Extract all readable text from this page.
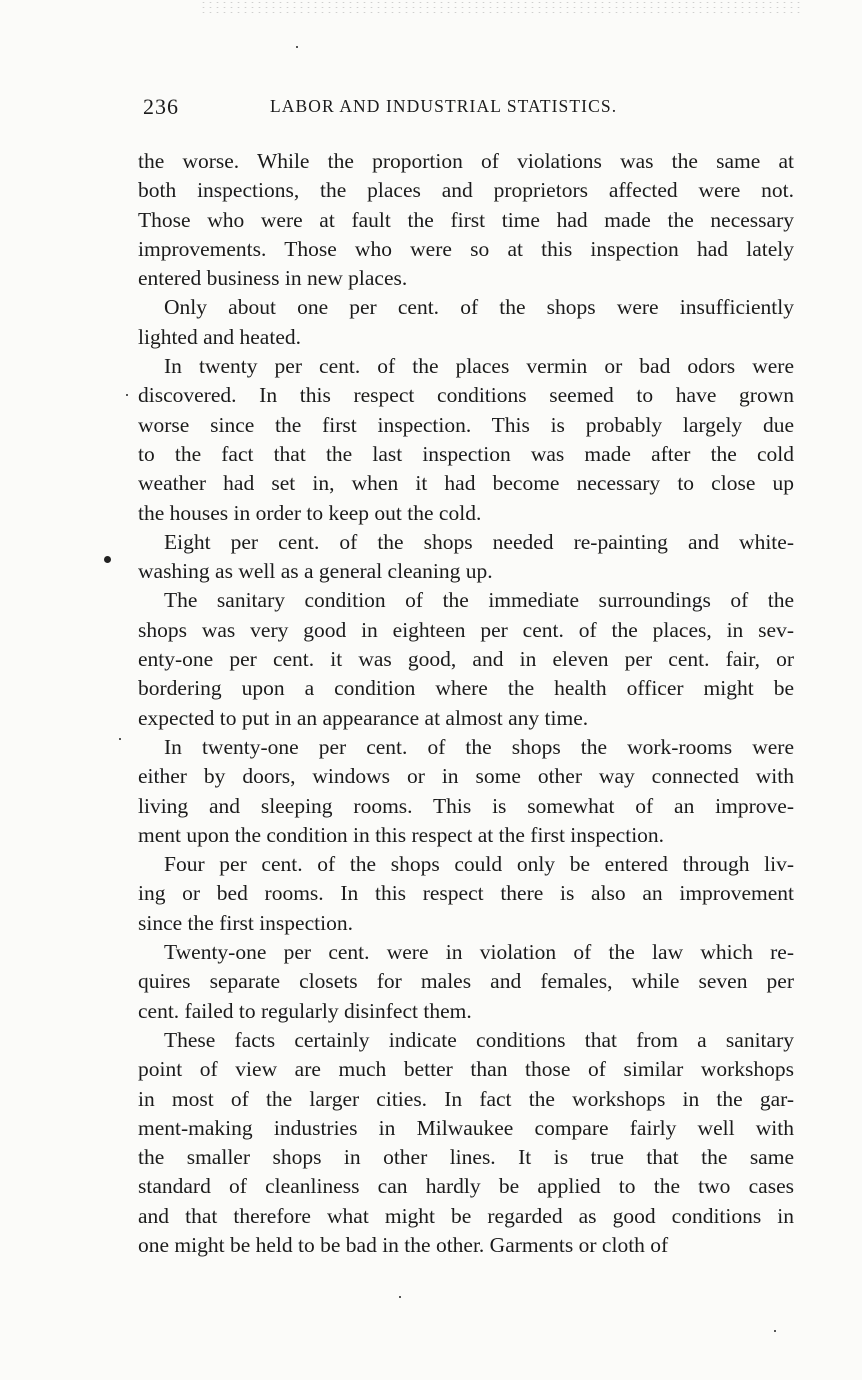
236	LABOR AND INDUSTRIAL STATISTICS.
the worse. While the proportion of violations was the same at
both inspections, the places and proprietors affected were not.
Those who were at fault the first time had made the necessary
improvements. Those who were so at this inspection had lately
entered business in new places.
Only about one per cent. of the shops were insufficiently
lighted and heated.
In twenty per cent. of the places vermin or bad odors were
discovered. In this respect conditions seemed to have grown
worse since the first inspection. This is probably largely due
to the fact that the last inspection was made after the cold
weather had set in, when it had become necessary to close up
the houses in order to keep out the cold.
Eight per cent. of the shops needed re-painting and white-
washing as well as a general cleaning up.
The sanitary condition of the immediate surroundings of the
shops was very good in eighteen per cent. of the places, in sev-
enty-one per cent. it was good, and in eleven per cent. fair, or
bordering upon a condition where the health officer might be
expected to put in an appearance at almost any time.
In twenty-one per cent. of the shops the work-rooms were
either by doors, windows or in some other way connected with
living and sleeping rooms. This is somewhat of an improve-
ment upon the condition in this respect at the first inspection.
Four per cent. of the shops could only be entered through liv-
ing or bed rooms. In this respect there is also an improvement
since the first inspection.
Twenty-one per cent. were in violation of the law which re-
quires separate closets for males and females, while seven per
cent. failed to regularly disinfect them.
These facts certainly indicate conditions that from a sanitary
point of view are much better than those of similar workshops
in most of the larger cities. In fact the workshops in the gar-
ment-making industries in Milwaukee compare fairly well with
the smaller shops in other lines. It is true that the same
standard of cleanliness can hardly be applied to the two cases
and that therefore what might be regarded as good conditions in
one might be held to be bad in the other. Garments or cloth of
